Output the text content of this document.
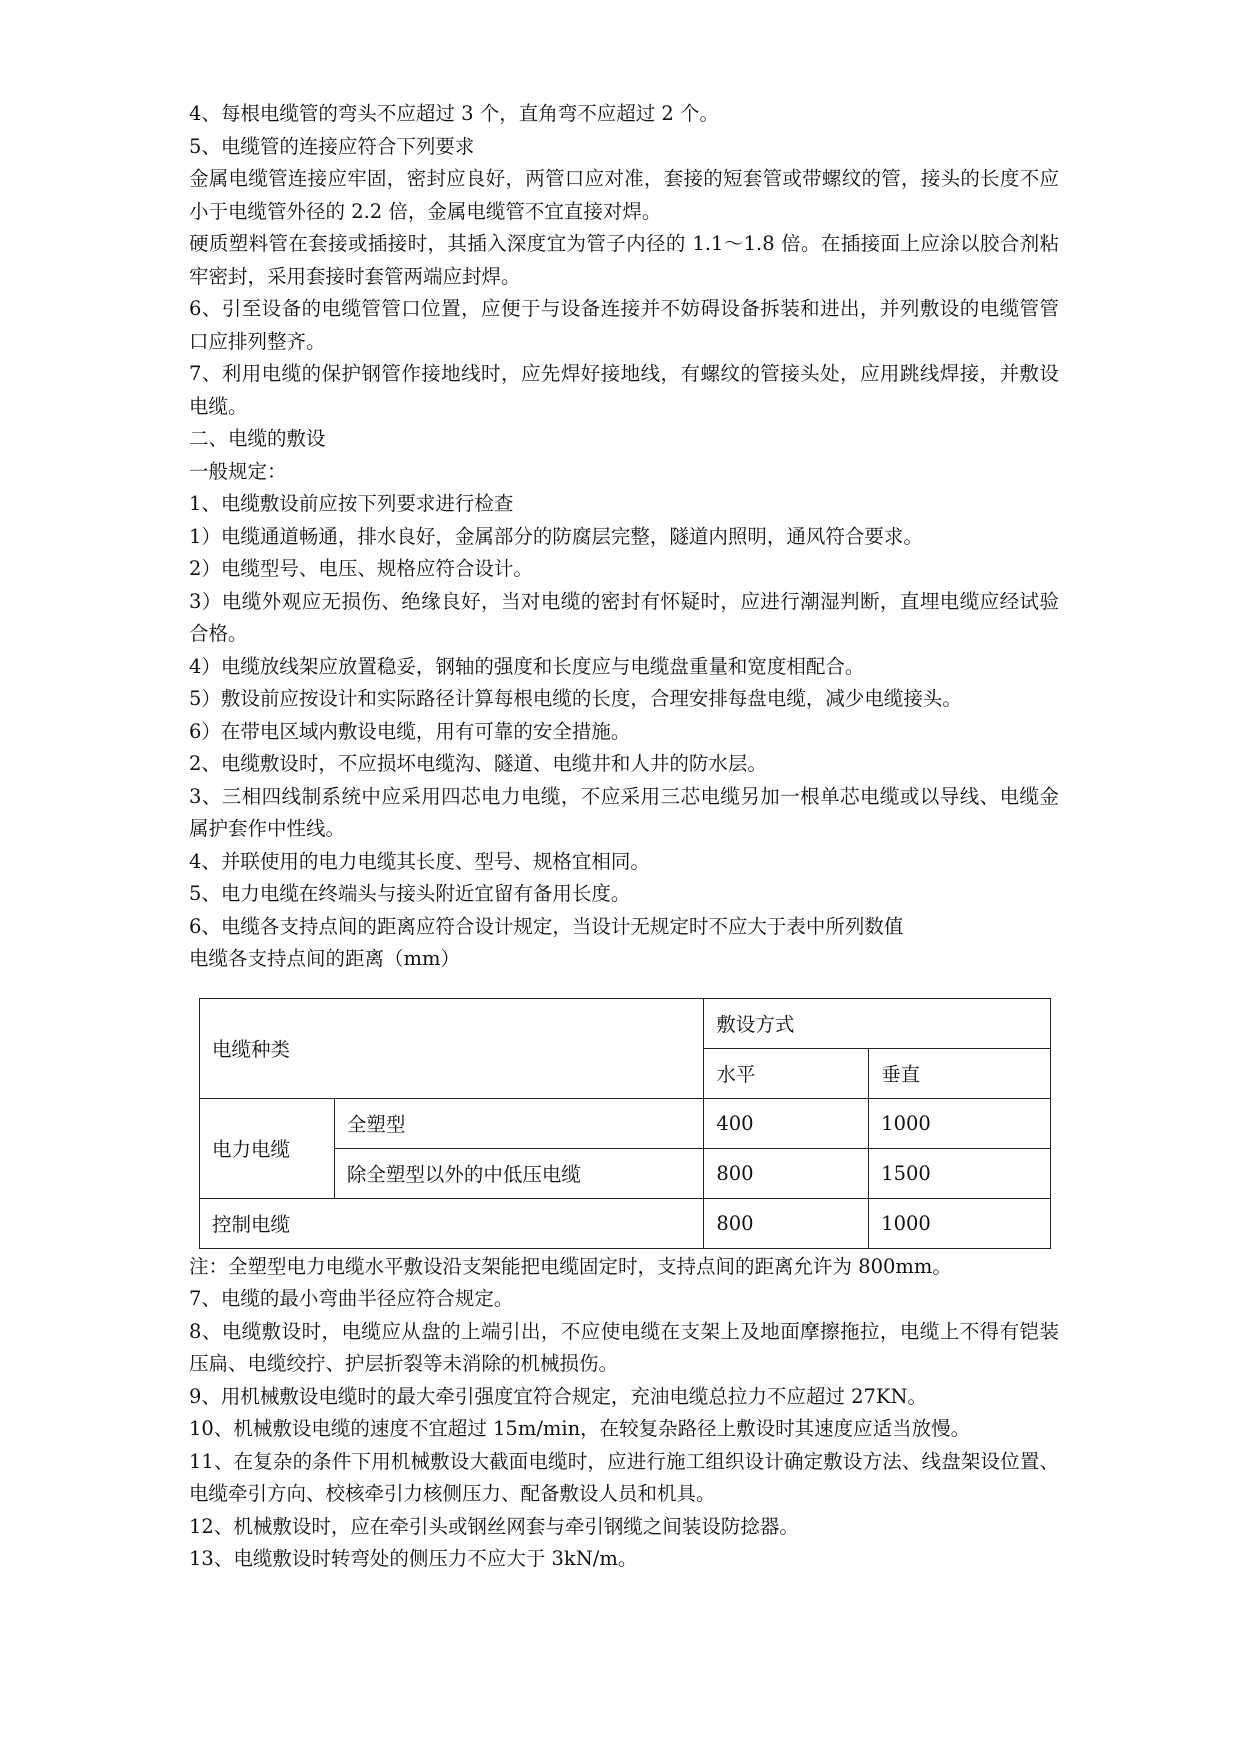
4、每根电缆管的弯头不应超过 3 个，直角弯不应超过 2 个。

5、电缆管的连接应符合下列要求

金属电缆管连接应牢固，密封应良好，两管口应对准，套接的短套管或带螺纹的管，接头的长度不应小于电缆管外径的 2.2 倍，金属电缆管不宜直接对焊。

硬质塑料管在套接或插接时，其插入深度宜为管子内径的 1.1～1.8 倍。在插接面上应涂以胶合剂粘牢密封，采用套接时套管两端应封焊。

6、引至设备的电缆管管口位置，应便于与设备连接并不妨碍设备拆装和进出，并列敷设的电缆管管口应排列整齐。

7、利用电缆的保护钢管作接地线时，应先焊好接地线，有螺纹的管接头处，应用跳线焊接，并敷设电缆。

二、电缆的敷设

一般规定：

1、电缆敷设前应按下列要求进行检查

1）电缆通道畅通，排水良好，金属部分的防腐层完整，隧道内照明，通风符合要求。

2）电缆型号、电压、规格应符合设计。

3）电缆外观应无损伤、绝缘良好，当对电缆的密封有怀疑时，应进行潮湿判断，直埋电缆应经试验合格。

4）电缆放线架应放置稳妥，钢轴的强度和长度应与电缆盘重量和宽度相配合。

5）敷设前应按设计和实际路径计算每根电缆的长度，合理安排每盘电缆，减少电缆接头。

6）在带电区域内敷设电缆，用有可靠的安全措施。

2、电缆敷设时，不应损坏电缆沟、隧道、电缆井和人井的防水层。

3、三相四线制系统中应采用四芯电力电缆，不应采用三芯电缆另加一根单芯电缆或以导线、电缆金属护套作中性线。

4、并联使用的电力电缆其长度、型号、规格宜相同。

5、电力电缆在终端头与接头附近宜留有备用长度。

6、电缆各支持点间的距离应符合设计规定，当设计无规定时不应大于表中所列数值

电缆各支持点间的距离（mm）

电缆种类		敷设方式	
		水平	垂直
电力电缆	全塑型	400	1000
	除全塑型以外的中低压电缆	800	1500
控制电缆		800	1000

注：全塑型电力电缆水平敷设沿支架能把电缆固定时，支持点间的距离允许为 800mm。

7、电缆的最小弯曲半径应符合规定。

8、电缆敷设时，电缆应从盘的上端引出，不应使电缆在支架上及地面摩擦拖拉，电缆上不得有铠装压扁、电缆绞拧、护层折裂等未消除的机械损伤。

9、用机械敷设电缆时的最大牵引强度宜符合规定，充油电缆总拉力不应超过 27KN。

10、机械敷设电缆的速度不宜超过 15m/min，在较复杂路径上敷设时其速度应适当放慢。

11、在复杂的条件下用机械敷设大截面电缆时，应进行施工组织设计确定敷设方法、线盘架设位置、电缆牵引方向、校核牵引力核侧压力、配备敷设人员和机具。

12、机械敷设时，应在牵引头或钢丝网套与牵引钢缆之间装设防捻器。

13、电缆敷设时转弯处的侧压力不应大于 3kN/m。
